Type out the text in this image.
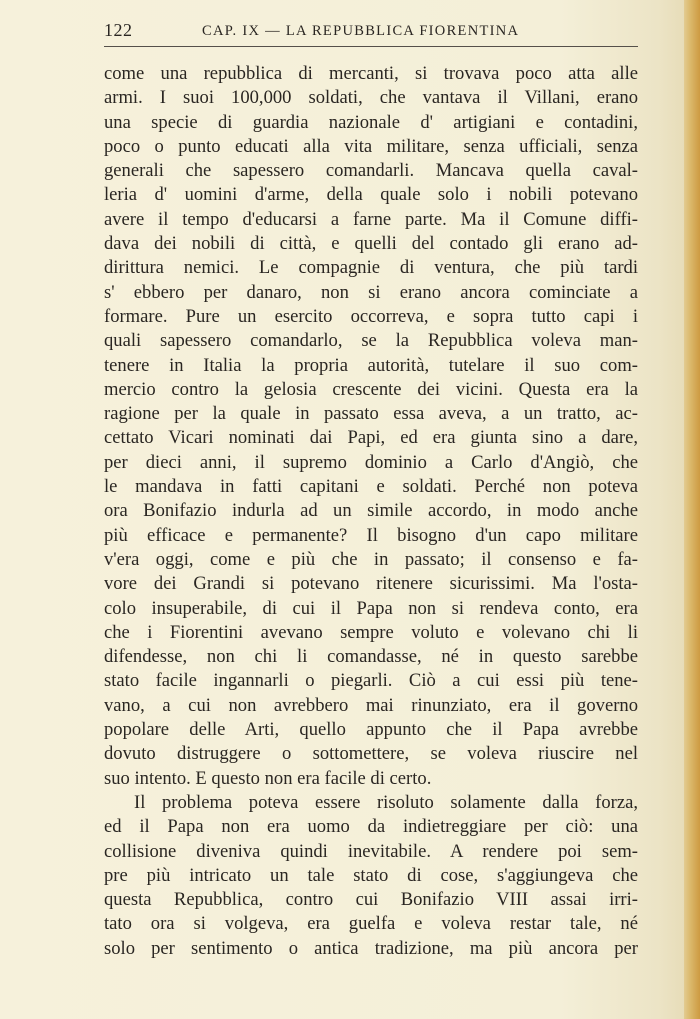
122	CAP. IX — LA REPUBBLICA FIORENTINA
come una repubblica di mercanti, si trovava poco atta alle
armi. I suoi 100,000 soldati, che vantava il Villani, erano
una specie di guardia nazionale d' artigiani e contadini,
poco o punto educati alla vita militare, senza ufficiali, senza
generali che sapessero comandarli. Mancava quella caval-
leria d' uomini d'arme, della quale solo i nobili potevano
avere il tempo d'educarsi a farne parte. Ma il Comune diffi-
dava dei nobili di città, e quelli del contado gli erano ad-
dirittura nemici. Le compagnie di ventura, che più tardi
s' ebbero per danaro, non si erano ancora cominciate a
formare. Pure un esercito occorreva, e sopra tutto capi i
quali sapessero comandarlo, se la Repubblica voleva man-
tenere in Italia la propria autorità, tutelare il suo com-
mercio contro la gelosia crescente dei vicini. Questa era la
ragione per la quale in passato essa aveva, a un tratto, ac-
cettato Vicari nominati dai Papi, ed era giunta sino a dare,
per dieci anni, il supremo dominio a Carlo d'Angiò, che
le mandava in fatti capitani e soldati. Perché non poteva
ora Bonifazio indurla ad un simile accordo, in modo anche
più efficace e permanente? Il bisogno d'un capo militare
v'era oggi, come e più che in passato; il consenso e fa-
vore dei Grandi si potevano ritenere sicurissimi. Ma l'osta-
colo insuperabile, di cui il Papa non si rendeva conto, era
che i Fiorentini avevano sempre voluto e volevano chi li
difendesse, non chi li comandasse, né in questo sarebbe
stato facile ingannarli o piegarli. Ciò a cui essi più tene-
vano, a cui non avrebbero mai rinunziato, era il governo
popolare delle Arti, quello appunto che il Papa avrebbe
dovuto distruggere o sottomettere, se voleva riuscire nel
suo intento. E questo non era facile di certo.
Il problema poteva essere risoluto solamente dalla forza,
ed il Papa non era uomo da indietreggiare per ciò: una
collisione diveniva quindi inevitabile. A rendere poi sem-
pre più intricato un tale stato di cose, s'aggiungeva che
questa Repubblica, contro cui Bonifazio VIII assai irri-
tato ora si volgeva, era guelfa e voleva restar tale, né
solo per sentimento o antica tradizione, ma più ancora per
